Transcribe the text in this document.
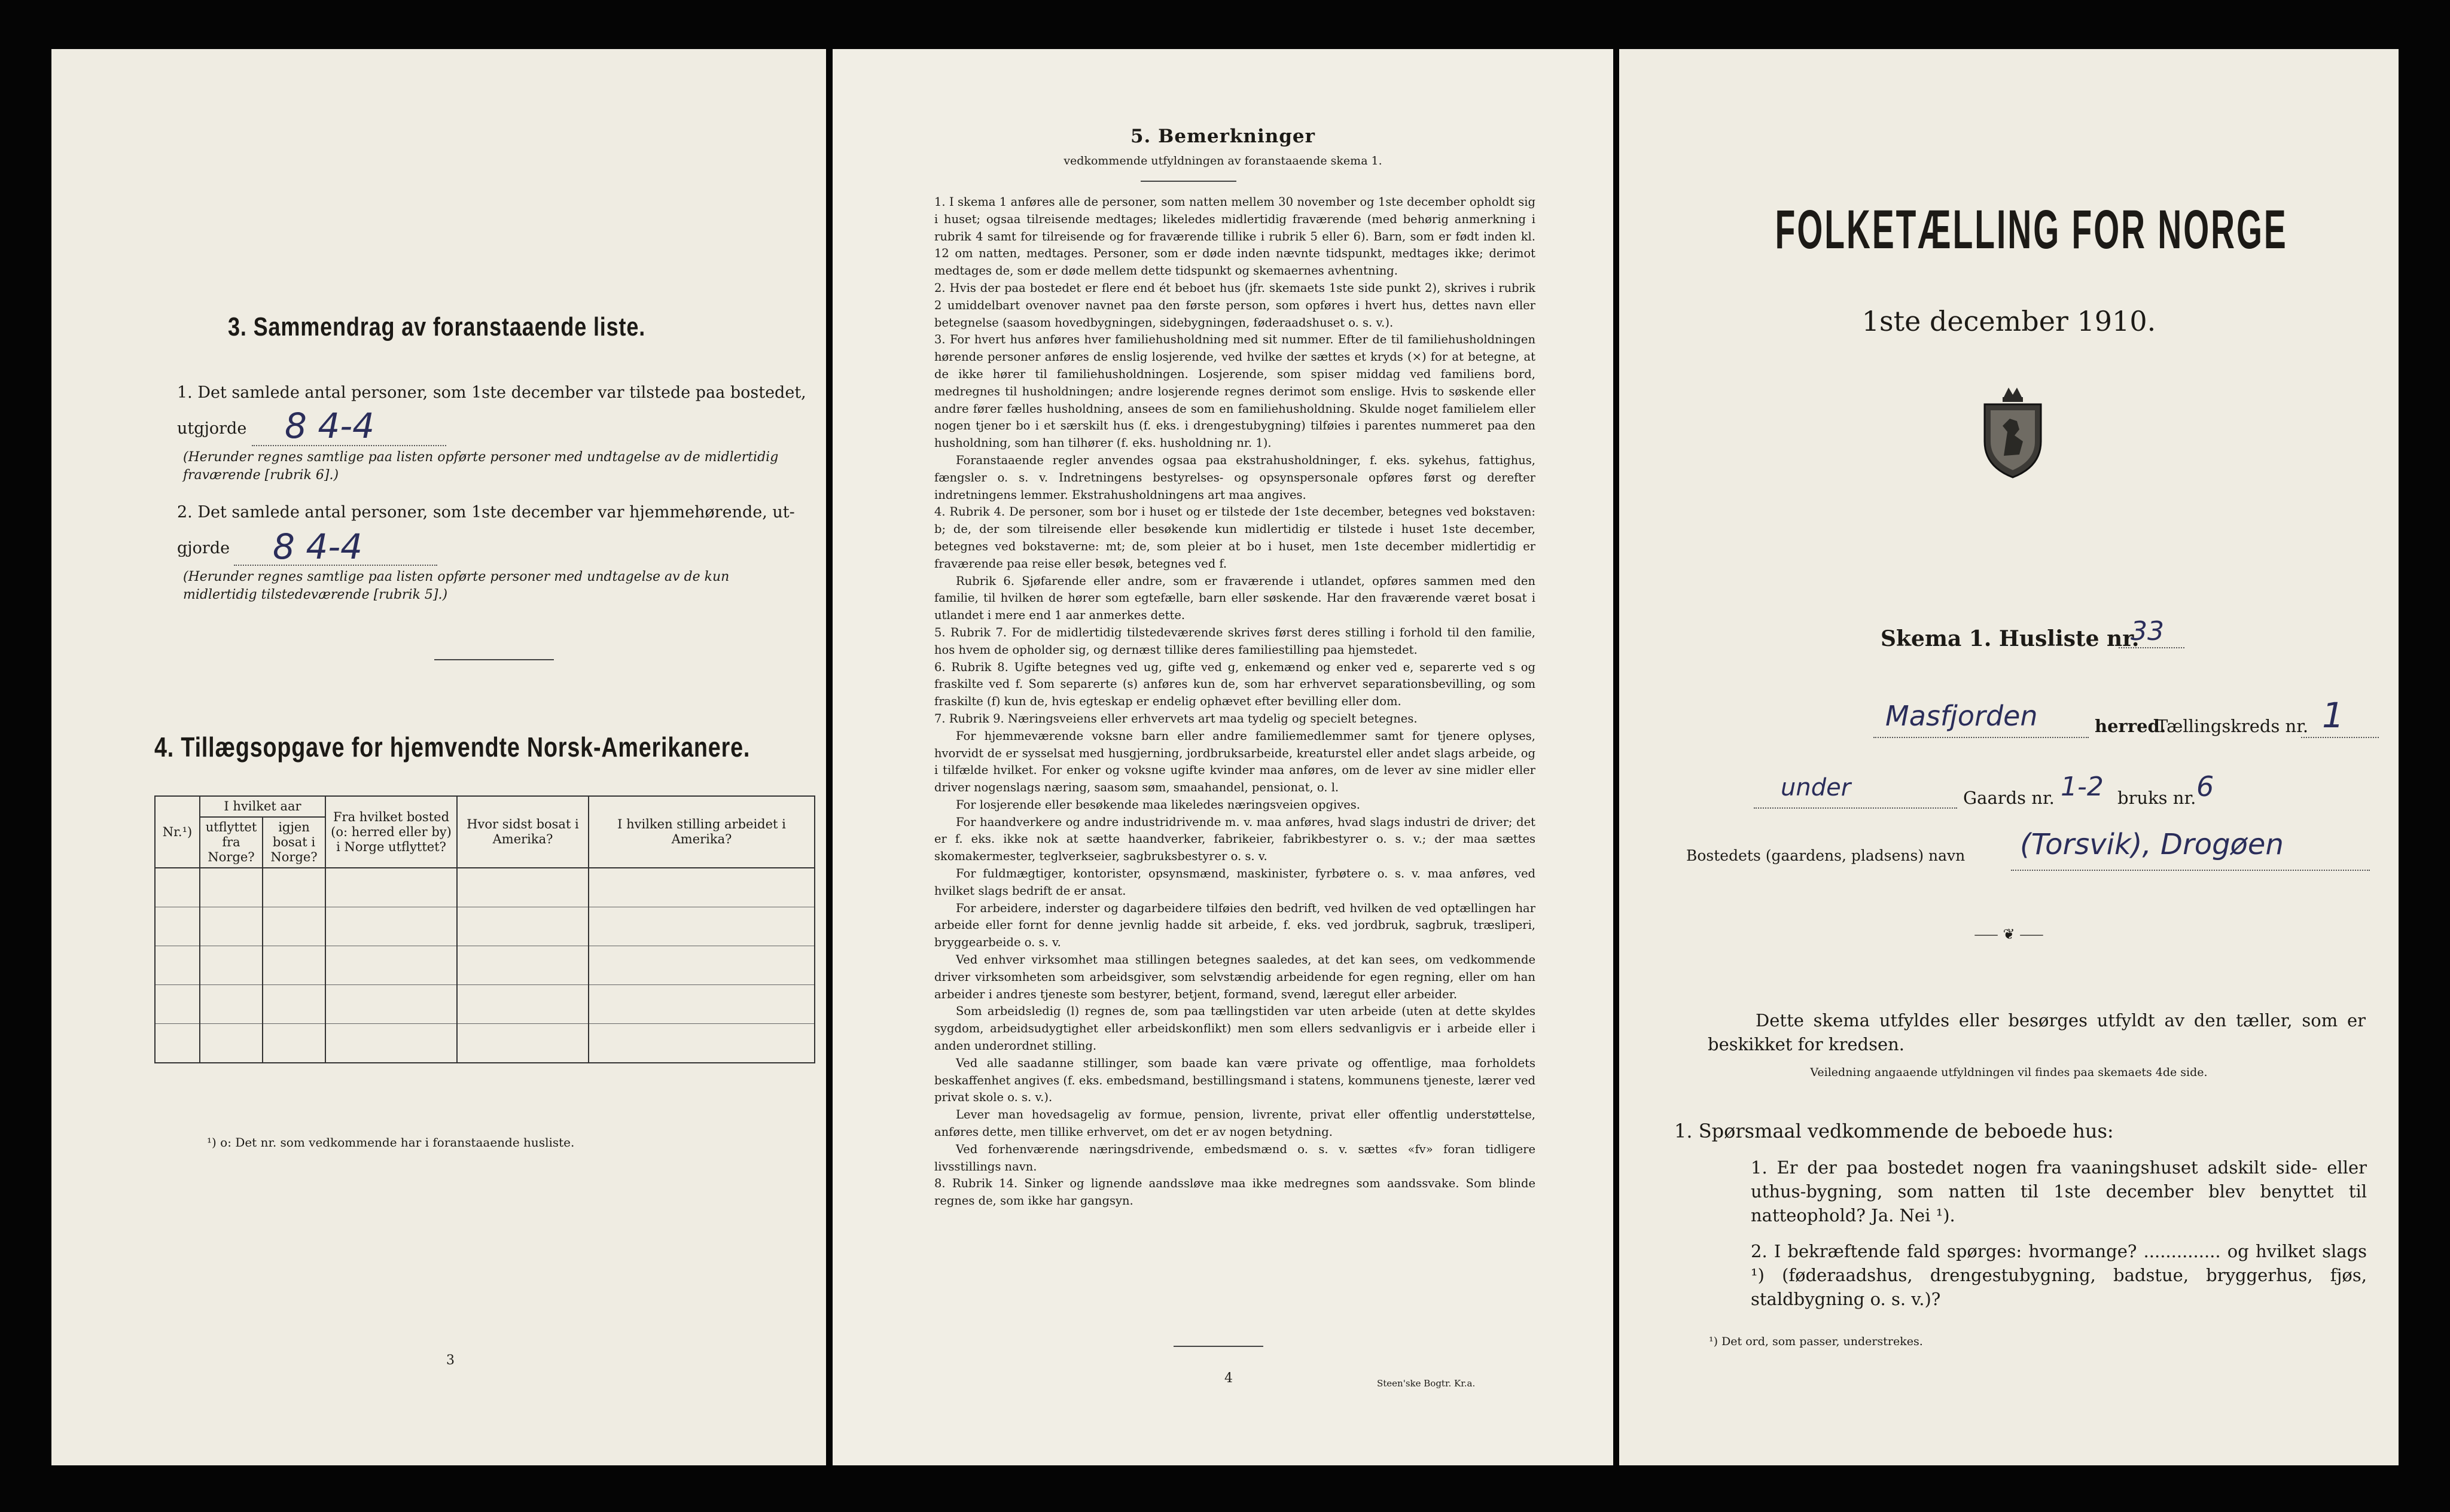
3. Sammendrag av foranstaaende liste.
1. Det samlede antal personer, som 1ste december var tilstede paa bostedet,
utgjorde 8 4-4
(Herunder regnes samtlige paa listen opførte personer med undtagelse av de midlertidig fraværende [rubrik 6].)
2. Det samlede antal personer, som 1ste december var hjemmehørende, ut-
gjorde 8 4-4
(Herunder regnes samtlige paa listen opførte personer med undtagelse av de kun midlertidig tilstedeværende [rubrik 5].)
4. Tillægsopgave for hjemvendte Norsk-Amerikanere.
Nr.¹)	I hvilket aar		Fra hvilket bosted (o: herred eller by) i Norge utflyttet?	Hvor sidst bosat i Amerika?	I hvilken stilling arbeidet i Amerika?
	utflyttet fra Norge?	igjen bosat i Norge?			

¹) o: Det nr. som vedkommende har i foranstaaende husliste.
3
5. Bemerkninger
vedkommende utfyldningen av foranstaaende skema 1.

1. I skema 1 anføres alle de personer, som natten mellem 30 november og 1ste december opholdt sig i huset; ogsaa tilreisende medtages; likeledes midlertidig fraværende (med behørig anmerkning i rubrik 4 samt for tilreisende og for fraværende tillike i rubrik 5 eller 6). Barn, som er født inden kl. 12 om natten, medtages. Personer, som er døde inden nævnte tidspunkt, medtages ikke; derimot medtages de, som er døde mellem dette tidspunkt og skemaernes avhentning.

2. Hvis der paa bostedet er flere end ét beboet hus (jfr. skemaets 1ste side punkt 2), skrives i rubrik 2 umiddelbart ovenover navnet paa den første person, som opføres i hvert hus, dettes navn eller betegnelse (saasom hovedbygningen, sidebygningen, føderaadshuset o. s. v.).

3. For hvert hus anføres hver familiehusholdning med sit nummer. Efter de til familiehusholdningen hørende personer anføres de enslig losjerende, ved hvilke der sættes et kryds (×) for at betegne, at de ikke hører til familiehusholdningen. Losjerende, som spiser middag ved familiens bord, medregnes til husholdningen; andre losjerende regnes derimot som enslige. Hvis to søskende eller andre fører fælles husholdning, ansees de som en familiehusholdning. Skulde noget familielem eller nogen tjener bo i et særskilt hus (f. eks. i drengestubygning) tilføies i parentes nummeret paa den husholdning, som han tilhører (f. eks. husholdning nr. 1).

Foranstaaende regler anvendes ogsaa paa ekstrahusholdninger, f. eks. sykehus, fattighus, fængsler o. s. v. Indretningens bestyrelses- og opsynspersonale opføres først og derefter indretningens lemmer. Ekstrahusholdningens art maa angives.

4. Rubrik 4. De personer, som bor i huset og er tilstede der 1ste december, betegnes ved bokstaven: b; de, der som tilreisende eller besøkende kun midlertidig er tilstede i huset 1ste december, betegnes ved bokstaverne: mt; de, som pleier at bo i huset, men 1ste december midlertidig er fraværende paa reise eller besøk, betegnes ved f.

Rubrik 6. Sjøfarende eller andre, som er fraværende i utlandet, opføres sammen med den familie, til hvilken de hører som egtefælle, barn eller søskende. Har den fraværende været bosat i utlandet i mere end 1 aar anmerkes dette.

5. Rubrik 7. For de midlertidig tilstedeværende skrives først deres stilling i forhold til den familie, hos hvem de opholder sig, og dernæst tillike deres familiestilling paa hjemstedet.

6. Rubrik 8. Ugifte betegnes ved ug, gifte ved g, enkemænd og enker ved e, separerte ved s og fraskilte ved f. Som separerte (s) anføres kun de, som har erhvervet separationsbevilling, og som fraskilte (f) kun de, hvis egteskap er endelig ophævet efter bevilling eller dom.

7. Rubrik 9. Næringsveiens eller erhvervets art maa tydelig og specielt betegnes.

For hjemmeværende voksne barn eller andre familiemedlemmer samt for tjenere oplyses, hvorvidt de er sysselsat med husgjerning, jordbruksarbeide, kreaturstel eller andet slags arbeide, og i tilfælde hvilket. For enker og voksne ugifte kvinder maa anføres, om de lever av sine midler eller driver nogenslags næring, saasom søm, smaahandel, pensionat, o. l.

For losjerende eller besøkende maa likeledes næringsveien opgives.

For haandverkere og andre industridrivende m. v. maa anføres, hvad slags industri de driver; det er f. eks. ikke nok at sætte haandverker, fabrikeier, fabrikbestyrer o. s. v.; der maa sættes skomakermester, teglverkseier, sagbruksbestyrer o. s. v.

For fuldmægtiger, kontorister, opsynsmænd, maskinister, fyrbøtere o. s. v. maa anføres, ved hvilket slags bedrift de er ansat.

For arbeidere, inderster og dagarbeidere tilføies den bedrift, ved hvilken de ved optællingen har arbeide eller fornt for denne jevnlig hadde sit arbeide, f. eks. ved jordbruk, sagbruk, træsliperi, bryggearbeide o. s. v.

Ved enhver virksomhet maa stillingen betegnes saaledes, at det kan sees, om vedkommende driver virksomheten som arbeidsgiver, som selvstændig arbeidende for egen regning, eller om han arbeider i andres tjeneste som bestyrer, betjent, formand, svend, læregut eller arbeider.

Som arbeidsledig (l) regnes de, som paa tællingstiden var uten arbeide (uten at dette skyldes sygdom, arbeidsudygtighet eller arbeidskonflikt) men som ellers sedvanligvis er i arbeide eller i anden underordnet stilling.

Ved alle saadanne stillinger, som baade kan være private og offentlige, maa forholdets beskaffenhet angives (f. eks. embedsmand, bestillingsmand i statens, kommunens tjeneste, lærer ved privat skole o. s. v.).

Lever man hovedsagelig av formue, pension, livrente, privat eller offentlig understøttelse, anføres dette, men tillike erhvervet, om det er av nogen betydning.

Ved forhenværende næringsdrivende, embedsmænd o. s. v. sættes «fv» foran tidligere livsstillings navn.

8. Rubrik 14. Sinker og lignende aandssløve maa ikke medregnes som aandssvake. Som blinde regnes de, som ikke har gangsyn.

4	Steen'ske Bogtr. Kr.a.
FOLKETÆLLING FOR NORGE
1ste december 1910.
Skema 1. Husliste nr.
33
Masfjorden	herred.
Tællingskreds nr. 1
under	Gaards nr. 1-2 bruks nr. 6
Bostedets (gaardens, pladsens) navn (Torsvik), Drogøen
⸺ ❦ ⸺
Dette skema utfyldes eller besørges utfyldt av den tæller, som er beskikket for kredsen.
Veiledning angaaende utfyldningen vil findes paa skemaets 4de side.
1. Spørsmaal vedkommende de beboede hus:
1. Er der paa bostedet nogen fra vaaningshuset adskilt side- eller uthus-bygning, som natten til 1ste december blev benyttet til natteophold? Ja. Nei ¹).
2. I bekræftende fald spørges: hvormange? .............. og hvilket slags ¹) (føderaadshus, drengestubygning, badstue, bryggerhus, fjøs, staldbygning o. s. v.)?
¹) Det ord, som passer, understrekes.
